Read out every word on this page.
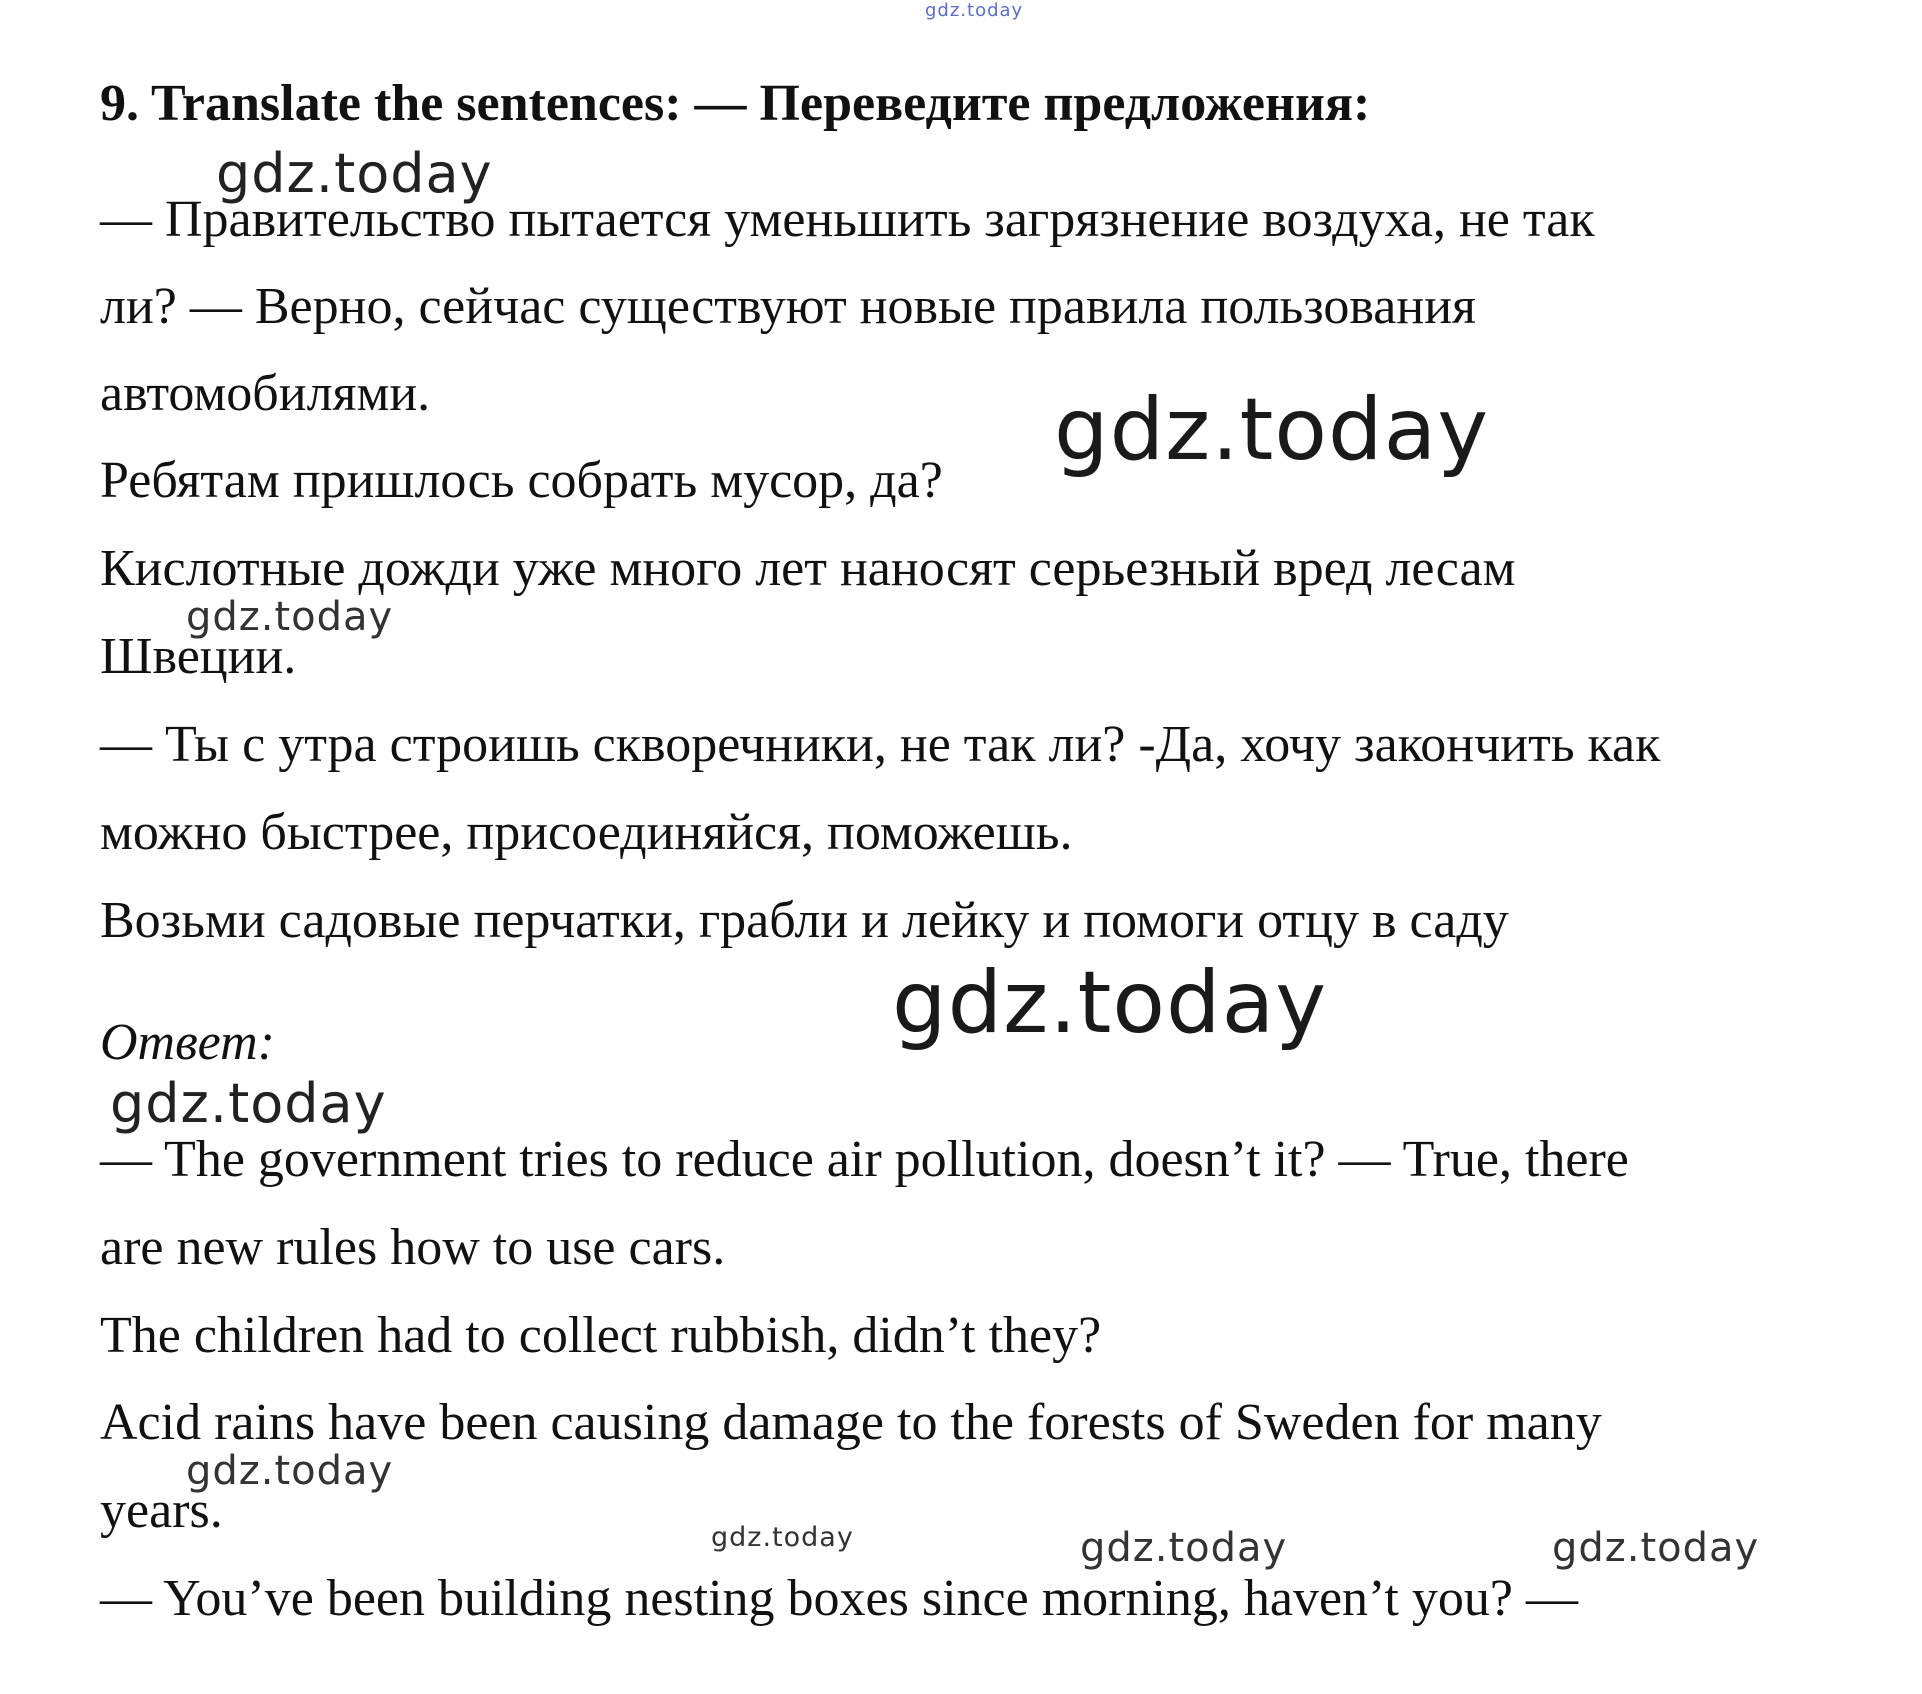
9. Translate the sentences: — Переведите предложения:
— Правительство пытается уменьшить загрязнение воздуха, не так
ли? — Верно, сейчас существуют новые правила пользования
автомобилями.
Ребятам пришлось собрать мусор, да?
Кислотные дожди уже много лет наносят серьезный вред лесам
Швеции.
— Ты с утра строишь скворечники, не так ли? -Да, хочу закончить как
можно быстрее, присоединяйся, поможешь.
Возьми садовые перчатки, грабли и лейку и помоги отцу в саду
Ответ:
— The government tries to reduce air pollution, doesn’t it? — True, there
are new rules how to use cars.
The children had to collect rubbish, didn’t they?
Acid rains have been causing damage to the forests of Sweden for many
years.
— You’ve been building nesting boxes since morning, haven’t you? —
gdz.today
gdz.today
gdz.today
gdz.today
gdz.today
gdz.today
gdz.today
gdz.today	gdz.today	gdz.today
